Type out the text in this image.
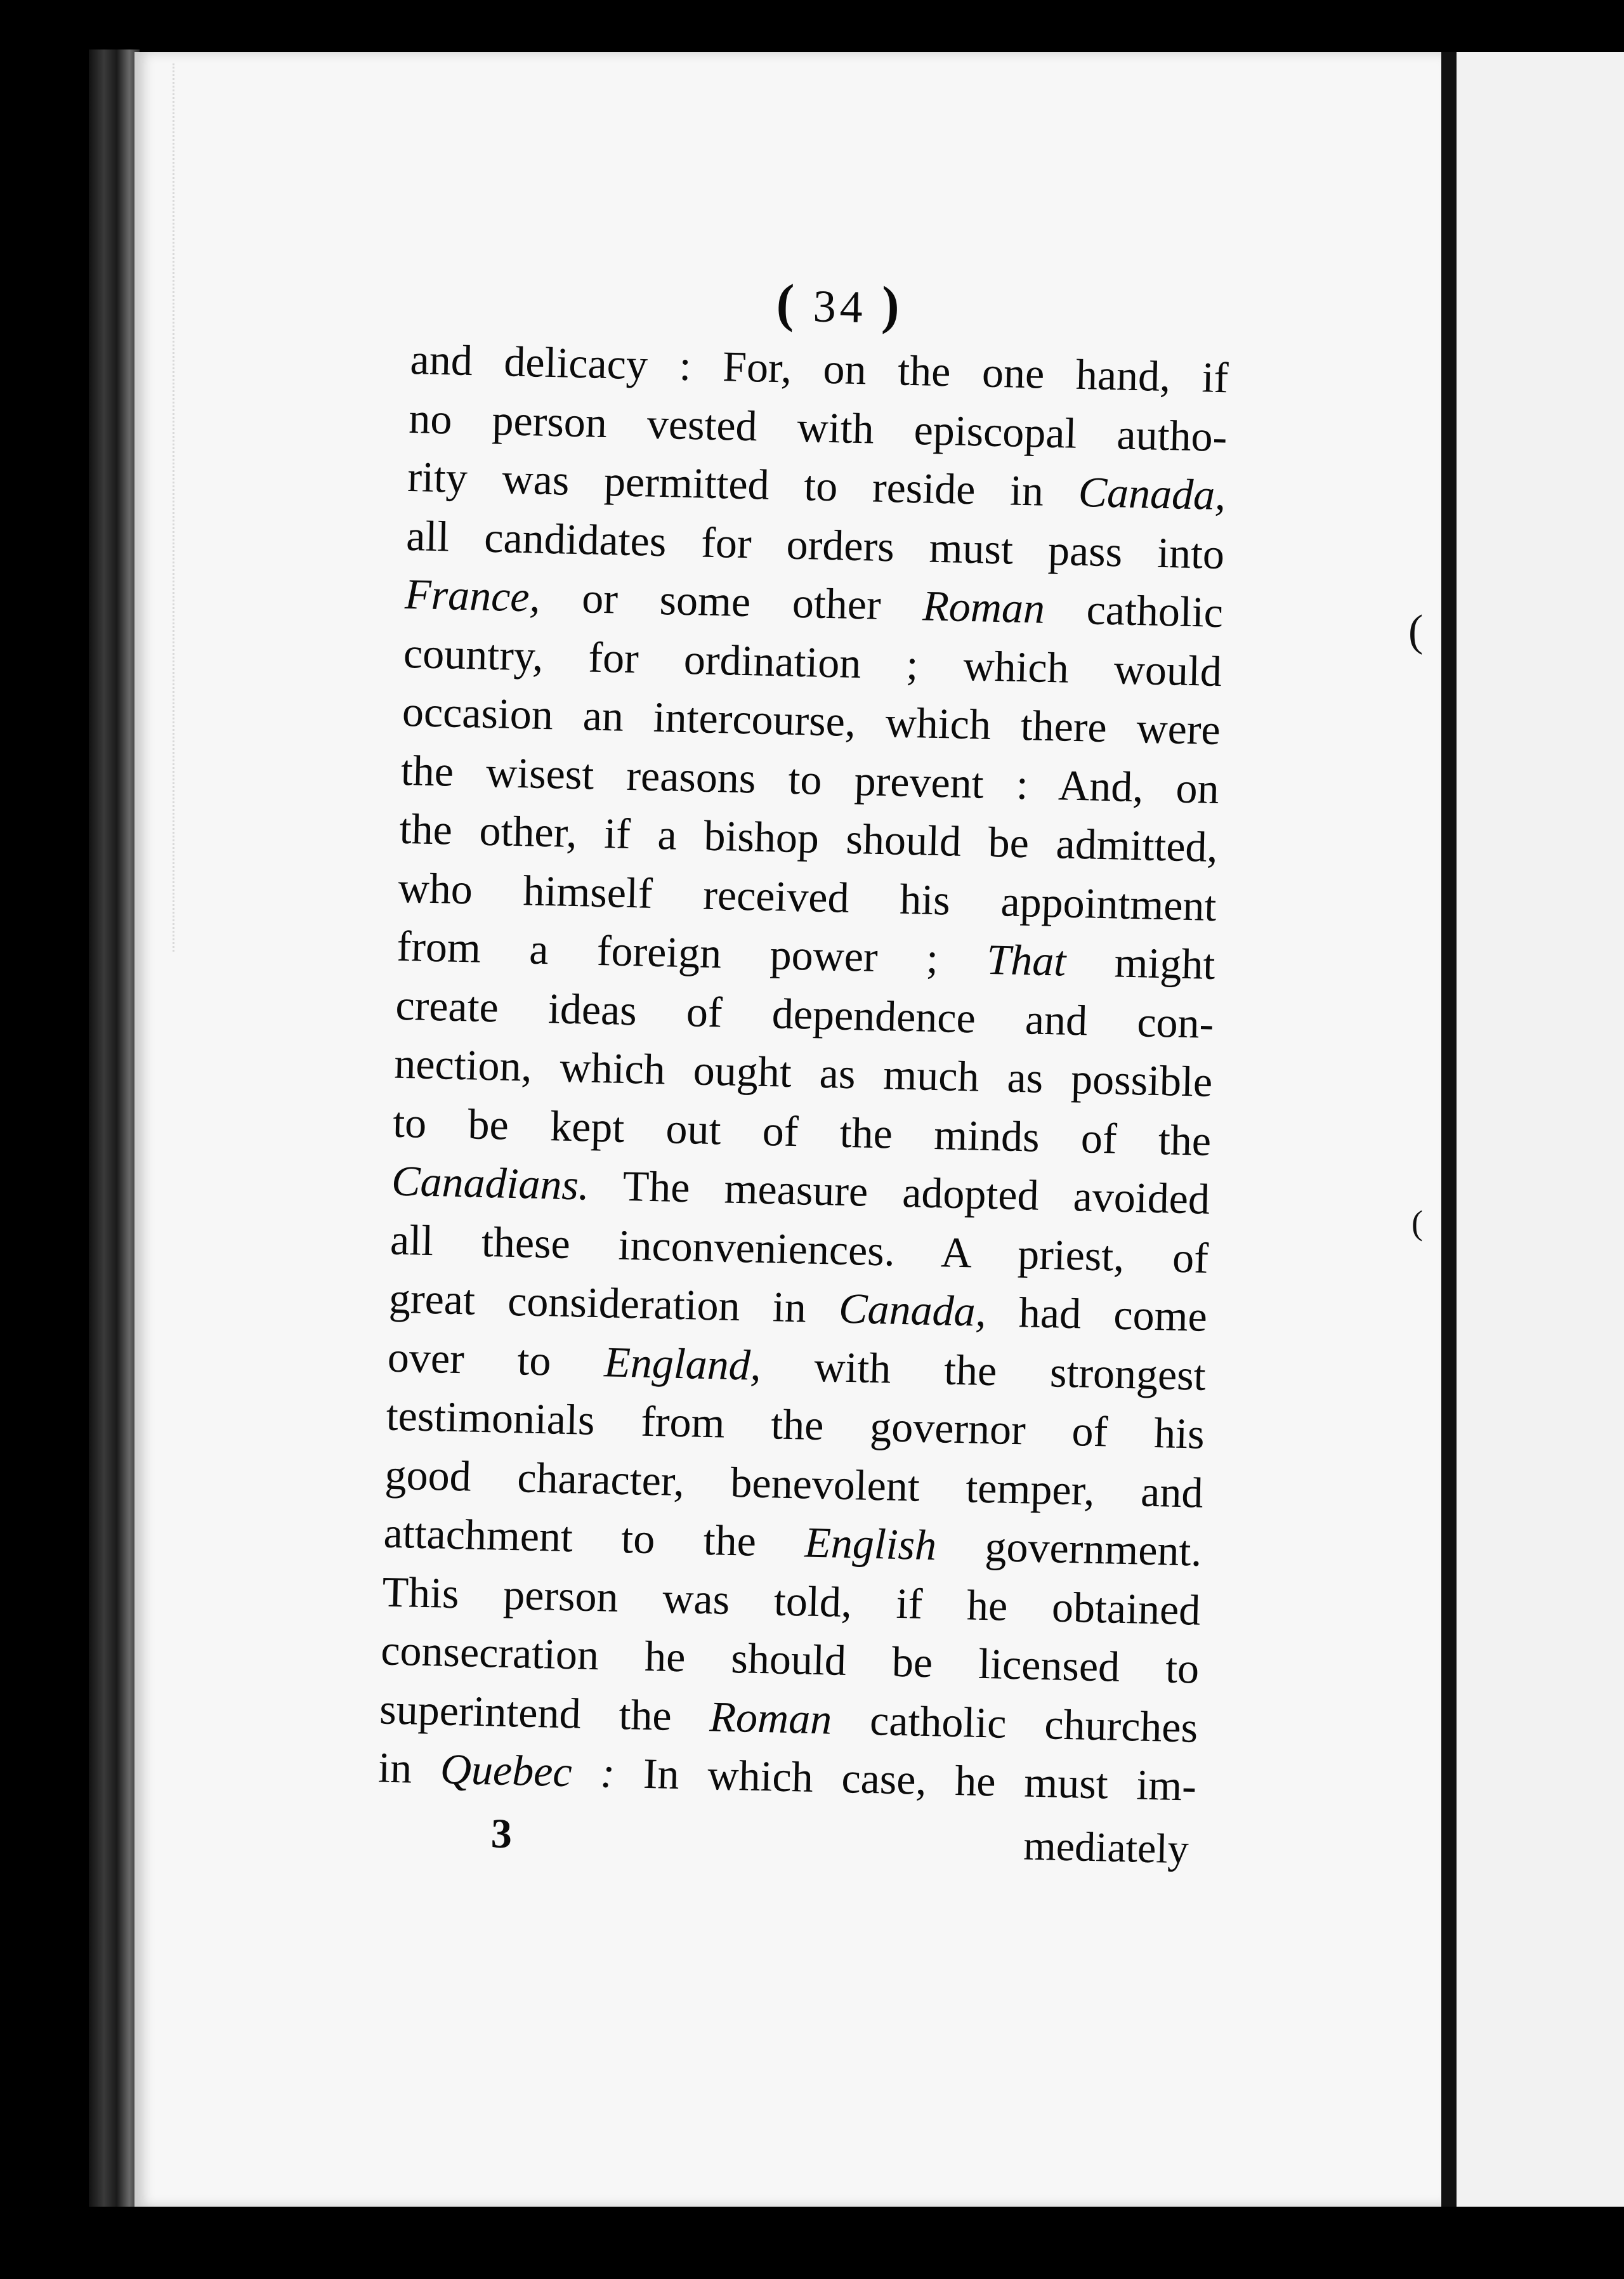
(
(
( 34 )
and delicacy : For, on the one hand, if
no person vested with episcopal autho-
rity was permitted to reside in Canada,
all candidates for orders must pass into
France, or some other Roman catholic
country, for ordination ; which would
occasion an intercourse, which there were
the wisest reasons to prevent : And, on
the other, if a bishop should be admitted,
who himself received his appointment
from a foreign power ; That might
create ideas of dependence and con-
nection, which ought as much as possible
to be kept out of the minds of the
Canadians. The measure adopted avoided
all these inconveniences. A priest, of
great consideration in Canada, had come
over to England, with the strongest
testimonials from the governor of his
good character, benevolent temper, and
attachment to the English government.
This person was told, if he obtained
consecration he should be licensed to
superintend the Roman catholic churches
in Quebec : In which case, he must im-
3	mediately
